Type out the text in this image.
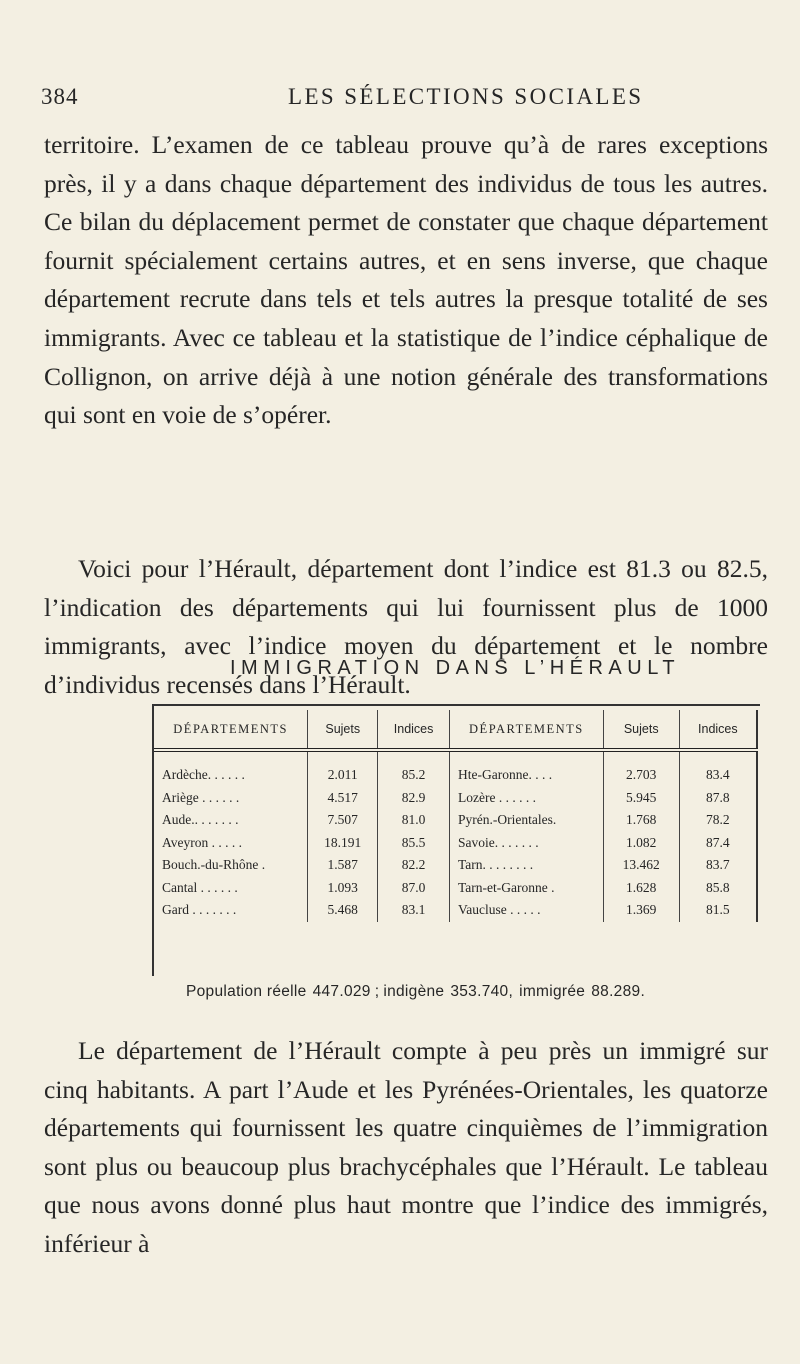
384	LES SÉLECTIONS SOCIALES

territoire. L’examen de ce tableau prouve qu’à de rares exceptions près, il y a dans chaque département des individus de tous les autres. Ce bilan du déplacement permet de constater que chaque département fournit spécialement certains autres, et en sens inverse, que chaque département recrute dans tels et tels autres la presque totalité de ses immigrants. Avec ce tableau et la statistique de l’indice céphalique de Collignon, on arrive déjà à une notion générale des transformations qui sont en voie de s’opérer.

Voici pour l’Hérault, département dont l’indice est 81.3 ou 82.5, l’indication des départements qui lui fournissent plus de 1000 immigrants, avec l’indice moyen du département et le nombre d’individus recensés dans l’Hérault.

IMMIGRATION DANS L’HÉRAULT
DÉPARTEMENTS	Sujets	Indices	DÉPARTEMENTS	Sujets	Indices
Ardèche. . . . . .	2.011	85.2	Hte-Garonne. . . .	2.703	83.4
Ariège . . . . . .	4.517	82.9	Lozère . . . . . .	5.945	87.8
Aude.. . . . . . .	7.507	81.0	Pyrén.-Orientales.	1.768	78.2
Aveyron . . . . .	18.191	85.5	Savoie. . . . . . .	1.082	87.4
Bouch.-du-Rhône .	1.587	82.2	Tarn. . . . . . . .	13.462	83.7
Cantal . . . . . .	1.093	87.0	Tarn-et-Garonne .	1.628	85.8
Gard . . . . . . .	5.468	83.1	Vaucluse . . . . .	1.369	81.5
Population réelle 447.029 ; indigène 353.740, immigrée 88.289.

Le département de l’Hérault compte à peu près un immigré sur cinq habitants. A part l’Aude et les Pyrénées-Orientales, les quatorze départements qui fournissent les quatre cinquièmes de l’immigration sont plus ou beaucoup plus brachycéphales que l’Hérault. Le tableau que nous avons donné plus haut montre que l’indice des immigrés, inférieur à
